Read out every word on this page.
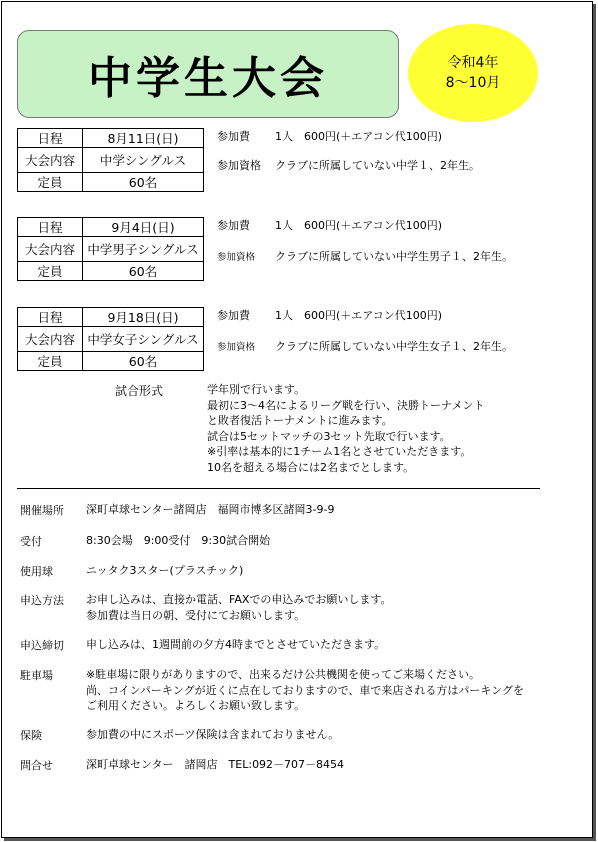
中学生大会	令和4年
8〜10月
日程	8月11日(日)
大会内容	中学シングルス
定員	60名
参加費 1人　600円(＋エアコン代100円)
参加資格 クラブに所属していない中学１、2年生。
日程	9月4日(日)
大会内容	中学男子シングルス
定員	60名
参加費 1人　600円(＋エアコン代100円)
参加資格 クラブに所属していない中学生男子１、2年生。
日程	9月18日(日)
大会内容	中学女子シングルス
定員	60名
参加費 1人　600円(＋エアコン代100円)
参加資格 クラブに所属していない中学生女子１、2年生。
試合形式	学年別で行います。
最初に3〜4名によるリーグ戦を行い、決勝トーナメント
と敗者復活トーナメントに進みます。
試合は5セットマッチの3セット先取で行います。
※引率は基本的に1チーム1名とさせていただきます。
10名を超える場合には2名までとします。
開催場所 深町卓球センター諸岡店　福岡市博多区諸岡3-9-9
受付	8:30会場　9:00受付　9:30試合開始
使用球	ニッタク3スター(プラスチック)
申込方法 お申し込みは、直接か電話、FAXでの申込みでお願いします。
参加費は当日の朝、受付にてお願いします。
申込締切 申し込みは、1週間前の夕方4時までとさせていただきます。
駐車場	※駐車場に限りがありますので、出来るだけ公共機関を使ってご来場ください。
尚、コインパーキングが近くに点在しておりますので、車で来店される方はパーキングを
ご利用ください。よろしくお願い致します。
保険	参加費の中にスポーツ保険は含まれておりません。
問合せ	深町卓球センター　諸岡店　TEL:092－707－8454
